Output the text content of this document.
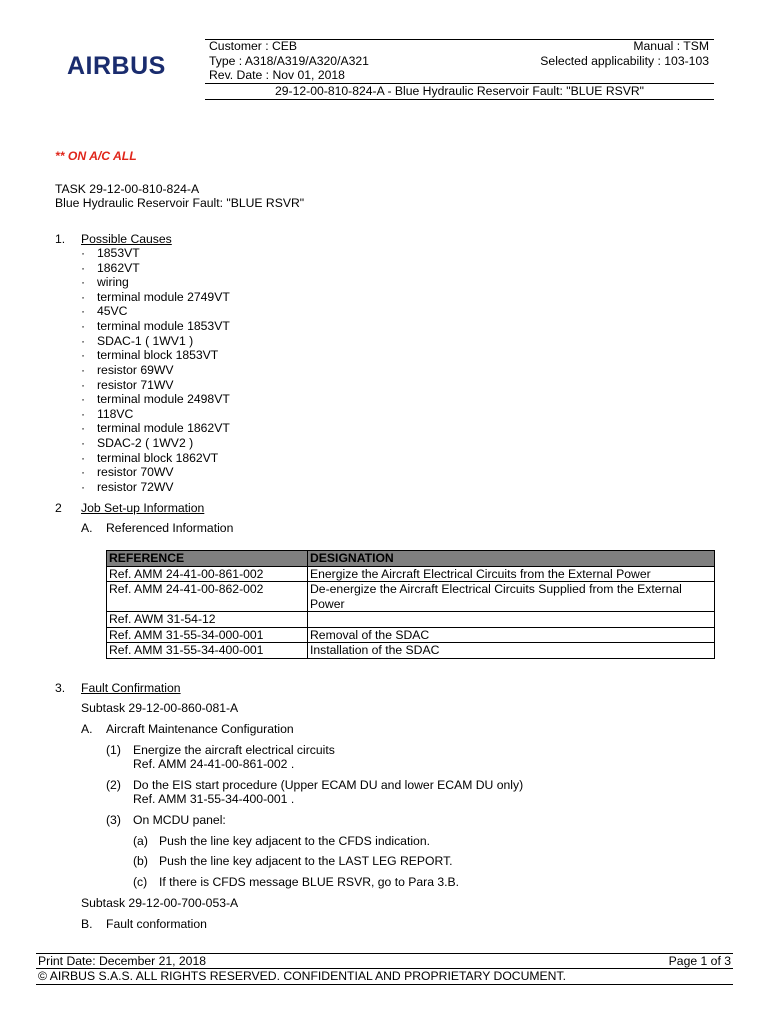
AIRBUS
Customer : CEB	Manual : TSM
Type : A318/A319/A320/A321	Selected applicability : 103-103
Rev. Date : Nov 01, 2018
29-12-00-810-824-A - Blue Hydraulic Reservoir Fault: "BLUE RSVR"
** ON A/C ALL
TASK 29-12-00-810-824-A
Blue Hydraulic Reservoir Fault: "BLUE RSVR"
1. Possible Causes
· 1853VT
· 1862VT
· wiring
· terminal module 2749VT
· 45VC
· terminal module 1853VT
· SDAC-1 ( 1WV1 )
· terminal block 1853VT
· resistor 69WV
· resistor 71WV
· terminal module 2498VT
· 118VC
· terminal module 1862VT
· SDAC-2 ( 1WV2 )
· terminal block 1862VT
· resistor 70WV
· resistor 72WV
2 Job Set-up Information
A. Referenced Information
REFERENCE	DESIGNATION
Ref. AMM 24-41-00-861-002	Energize the Aircraft Electrical Circuits from the External Power
Ref. AMM 24-41-00-862-002	De-energize the Aircraft Electrical Circuits Supplied from the External Power
Ref. AWM 31-54-12	
Ref. AMM 31-55-34-000-001	Removal of the SDAC
Ref. AMM 31-55-34-400-001	Installation of the SDAC
3. Fault Confirmation
Subtask 29-12-00-860-081-A
A. Aircraft Maintenance Configuration
(1) Energize the aircraft electrical circuits
Ref. AMM 24-41-00-861-002 .
(2) Do the EIS start procedure (Upper ECAM DU and lower ECAM DU only)
Ref. AMM 31-55-34-400-001 .
(3) On MCDU panel:
(a) Push the line key adjacent to the CFDS indication.
(b) Push the line key adjacent to the LAST LEG REPORT.
(c) If there is CFDS message BLUE RSVR, go to Para 3.B.
Subtask 29-12-00-700-053-A
B. Fault conformation
Print Date: December 21, 2018	Page 1 of 3
© AIRBUS S.A.S. ALL RIGHTS RESERVED. CONFIDENTIAL AND PROPRIETARY DOCUMENT.
